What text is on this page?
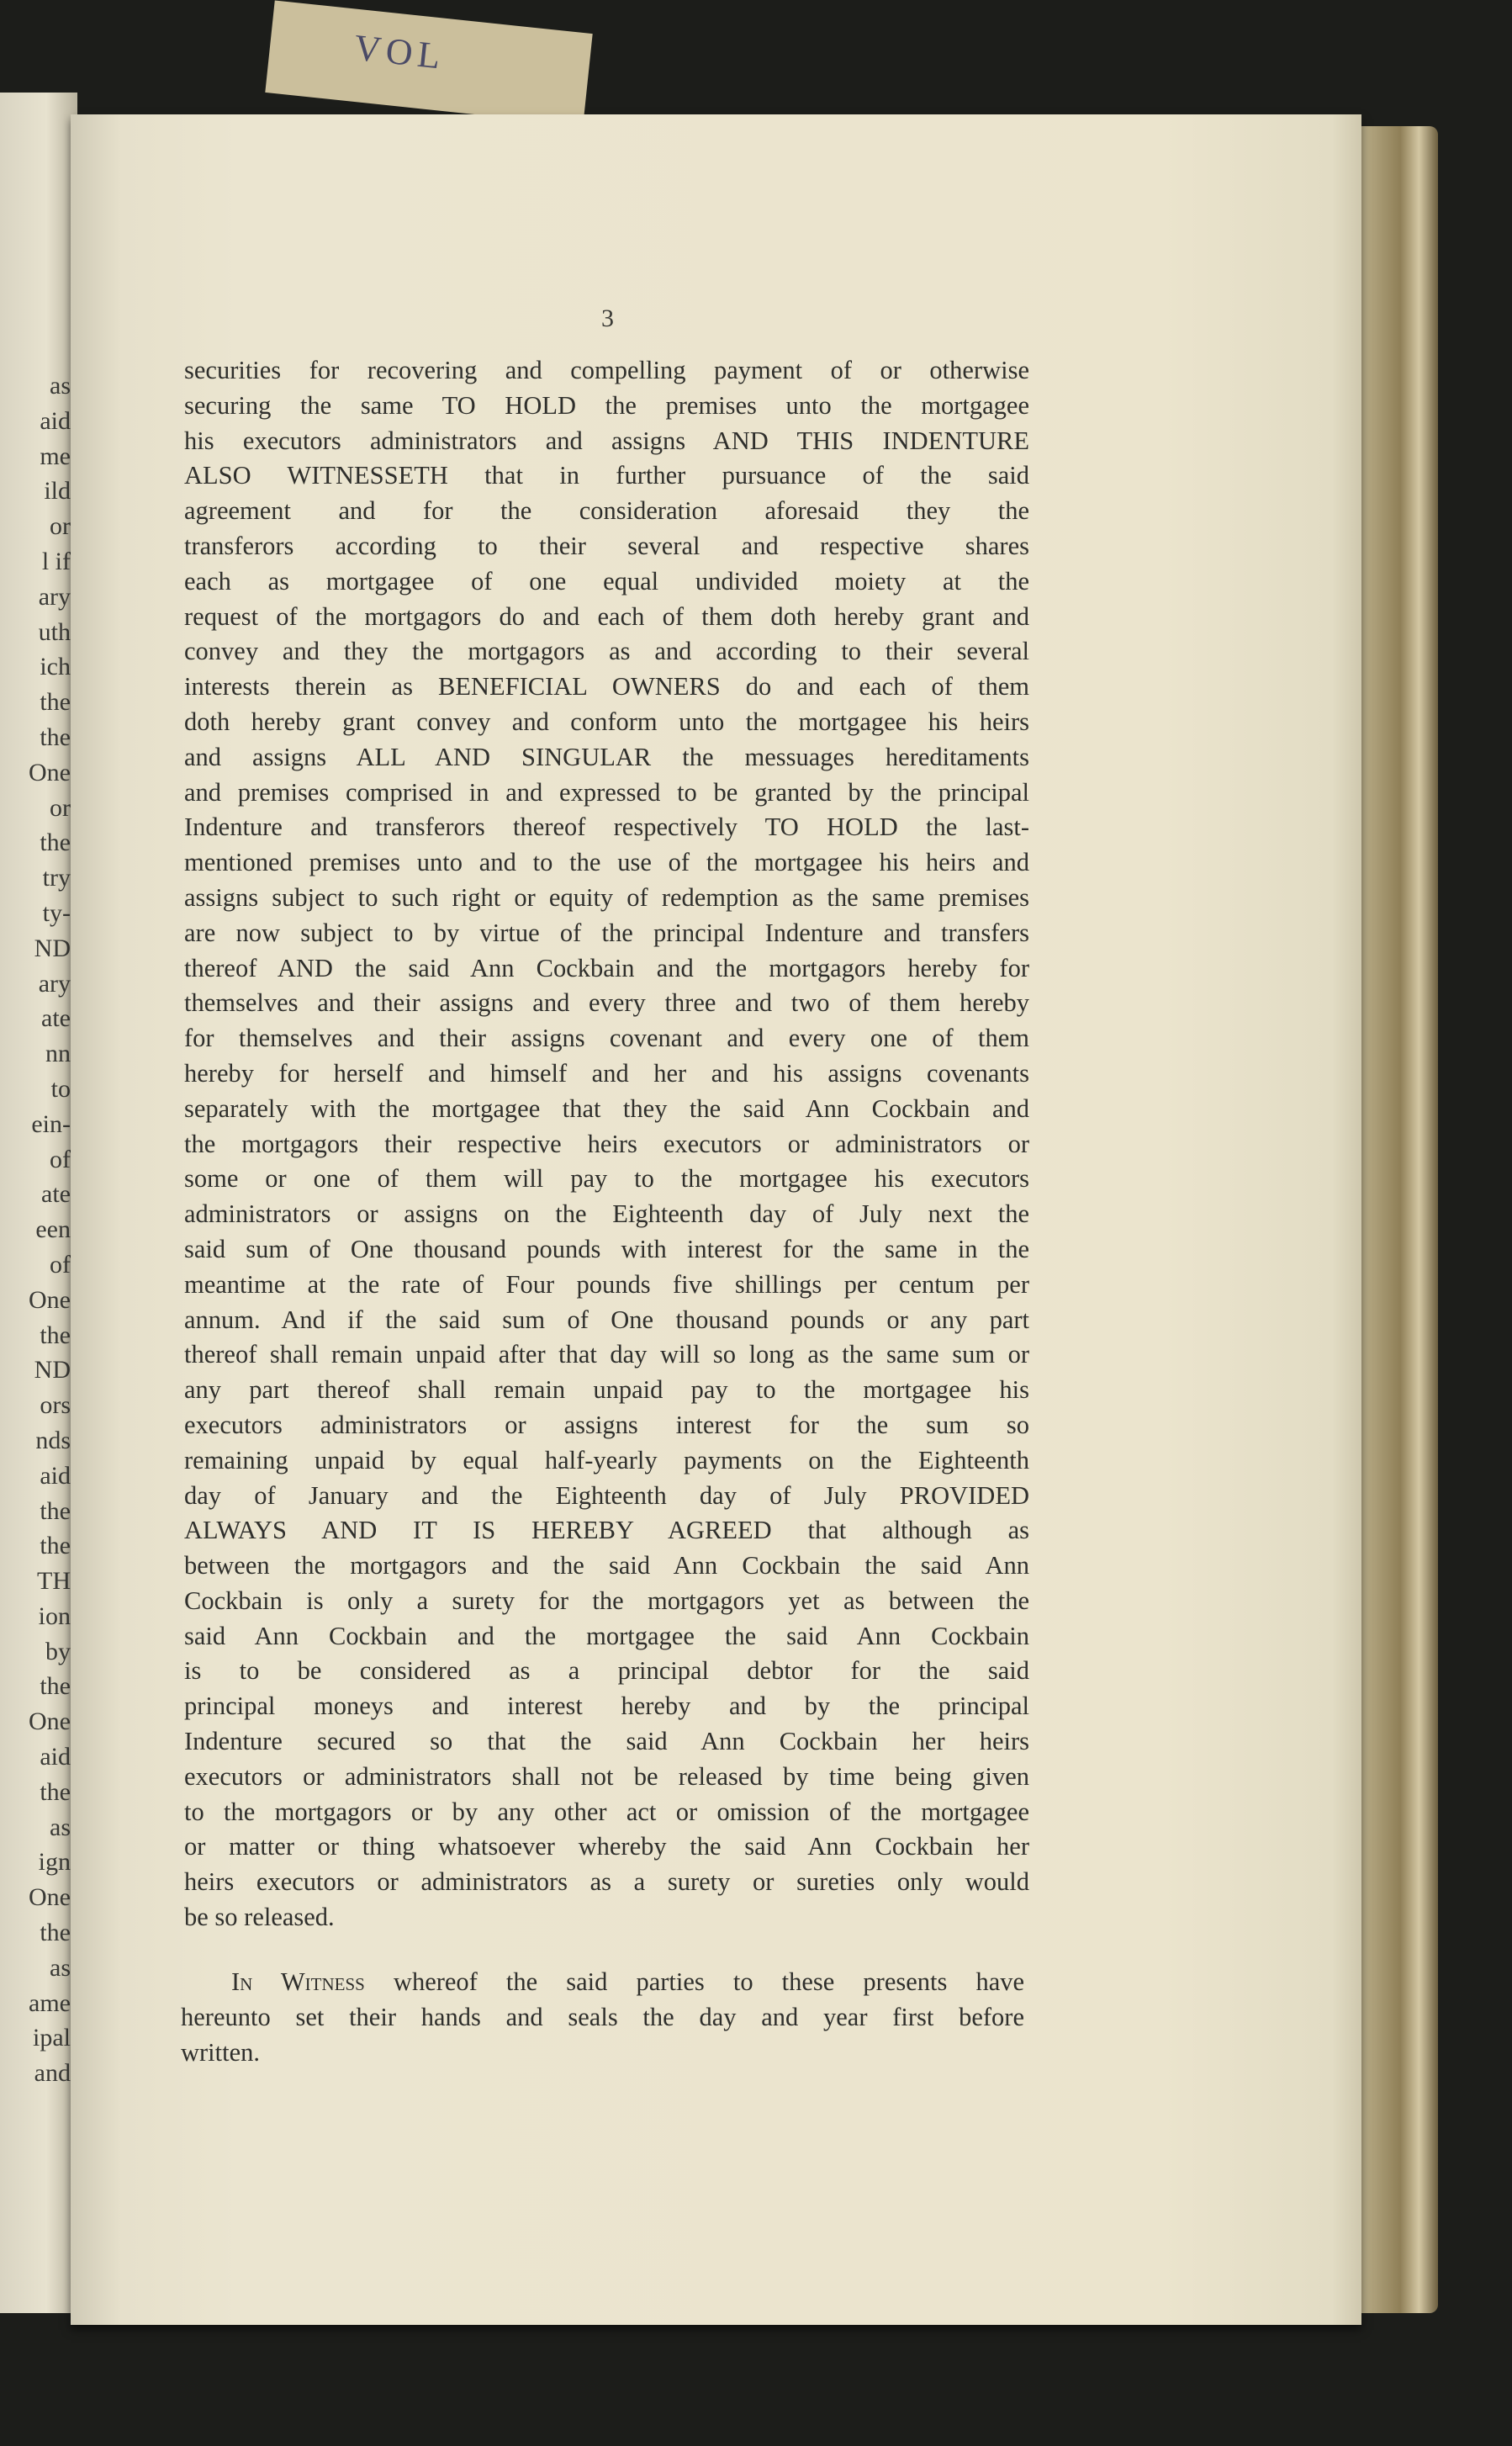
VOL
as
aid
me
ild
or
l if
ary
uth
ich
the
the
One
or
the
try
ty-
ND
ary
ate
nn
to
ein-
of
ate
een
of
One
the
ND
ors
nds
aid
the
the
TH
ion
by
the
One
aid
the
as
ign
One
the
as
ame
ipal
and
3
securities for recovering and compelling payment of or otherwise
securing the same TO HOLD the premises unto the mortgagee
his executors administrators and assigns AND THIS INDENTURE
ALSO WITNESSETH that in further pursuance of the said
agreement and for the consideration aforesaid they the
transferors according to their several and respective shares
each as mortgagee of one equal undivided moiety at the
request of the mortgagors do and each of them doth hereby grant and
convey and they the mortgagors as and according to their several
interests therein as BENEFICIAL OWNERS do and each of them
doth hereby grant convey and conform unto the mortgagee his heirs
and assigns ALL AND SINGULAR the messuages hereditaments
and premises comprised in and expressed to be granted by the principal
Indenture and transferors thereof respectively TO HOLD the last-
mentioned premises unto and to the use of the mortgagee his heirs and
assigns subject to such right or equity of redemption as the same premises
are now subject to by virtue of the principal Indenture and transfers
thereof AND the said Ann Cockbain and the mortgagors hereby for
themselves and their assigns and every three and two of them hereby
for themselves and their assigns covenant and every one of them
hereby for herself and himself and her and his assigns covenants
separately with the mortgagee that they the said Ann Cockbain and
the mortgagors their respective heirs executors or administrators or
some or one of them will pay to the mortgagee his executors
administrators or assigns on the Eighteenth day of July next the
said sum of One thousand pounds with interest for the same in the
meantime at the rate of Four pounds five shillings per centum per
annum. And if the said sum of One thousand pounds or any part
thereof shall remain unpaid after that day will so long as the same sum or
any part thereof shall remain unpaid pay to the mortgagee his
executors administrators or assigns interest for the sum so
remaining unpaid by equal half-yearly payments on the Eighteenth
day of January and the Eighteenth day of July PROVIDED
ALWAYS AND IT IS HEREBY AGREED that although as
between the mortgagors and the said Ann Cockbain the said Ann
Cockbain is only a surety for the mortgagors yet as between the
said Ann Cockbain and the mortgagee the said Ann Cockbain
is to be considered as a principal debtor for the said
principal moneys and interest hereby and by the principal
Indenture secured so that the said Ann Cockbain her heirs
executors or administrators shall not be released by time being given
to the mortgagors or by any other act or omission of the mortgagee
or matter or thing whatsoever whereby the said Ann Cockbain her
heirs executors or administrators as a surety or sureties only would
be so released.
In Witness whereof the said parties to these presents have
hereunto set their hands and seals the day and year first before
written.
